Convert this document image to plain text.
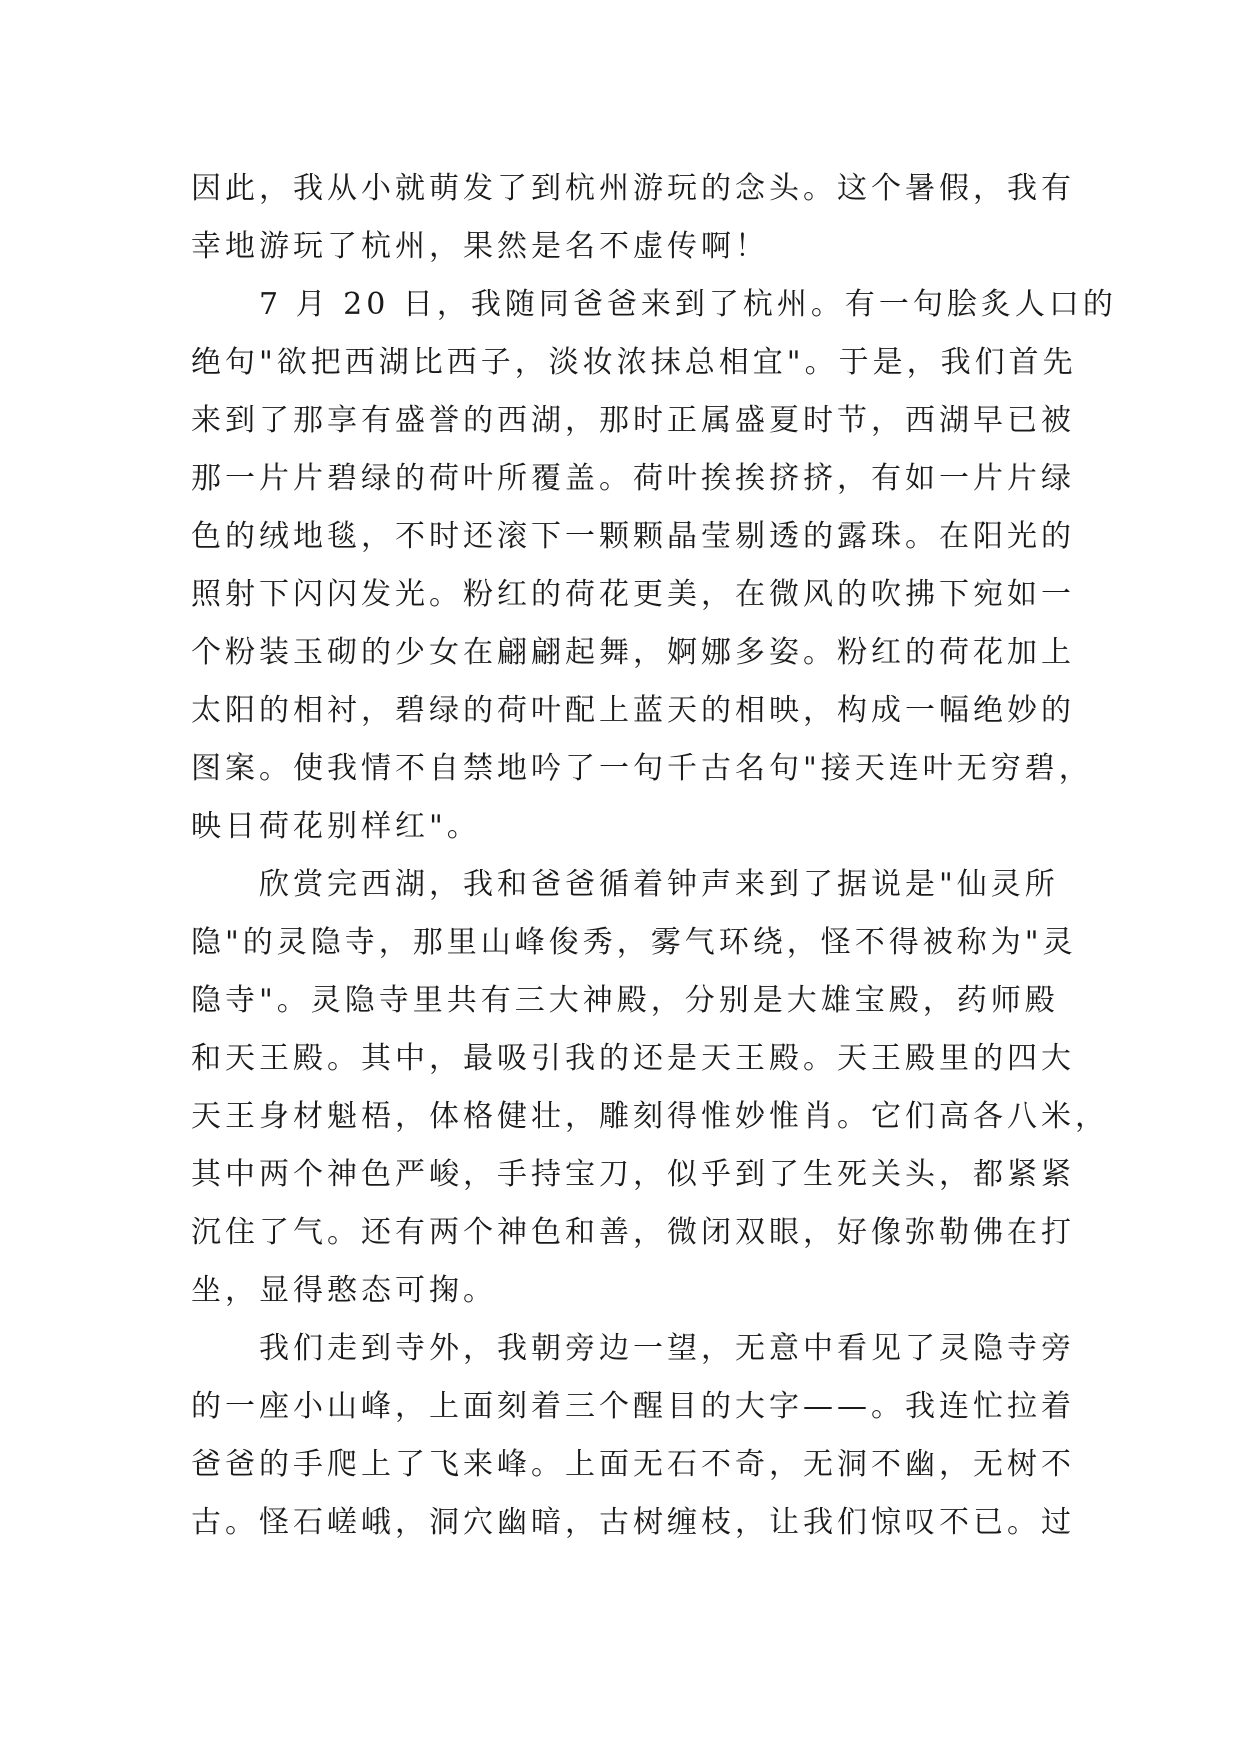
因此，我从小就萌发了到杭州游玩的念头。这个暑假，我有
幸地游玩了杭州，果然是名不虚传啊！
7 月 20 日，我随同爸爸来到了杭州。有一句脍炙人口的
绝句"欲把西湖比西子，淡妆浓抹总相宜"。于是，我们首先
来到了那享有盛誉的西湖，那时正属盛夏时节，西湖早已被
那一片片碧绿的荷叶所覆盖。荷叶挨挨挤挤，有如一片片绿
色的绒地毯，不时还滚下一颗颗晶莹剔透的露珠。在阳光的
照射下闪闪发光。粉红的荷花更美，在微风的吹拂下宛如一
个粉装玉砌的少女在翩翩起舞，婀娜多姿。粉红的荷花加上
太阳的相衬，碧绿的荷叶配上蓝天的相映，构成一幅绝妙的
图案。使我情不自禁地吟了一句千古名句"接天连叶无穷碧，
映日荷花别样红"。
欣赏完西湖，我和爸爸循着钟声来到了据说是"仙灵所
隐"的灵隐寺，那里山峰俊秀，雾气环绕，怪不得被称为"灵
隐寺"。灵隐寺里共有三大神殿，分别是大雄宝殿，药师殿
和天王殿。其中，最吸引我的还是天王殿。天王殿里的四大
天王身材魁梧，体格健壮，雕刻得惟妙惟肖。它们高各八米，
其中两个神色严峻，手持宝刀，似乎到了生死关头，都紧紧
沉住了气。还有两个神色和善，微闭双眼，好像弥勒佛在打
坐，显得憨态可掬。
我们走到寺外，我朝旁边一望，无意中看见了灵隐寺旁
的一座小山峰，上面刻着三个醒目的大字——。我连忙拉着
爸爸的手爬上了飞来峰。上面无石不奇，无洞不幽，无树不
古。怪石嵯峨，洞穴幽暗，古树缠枝，让我们惊叹不已。过
